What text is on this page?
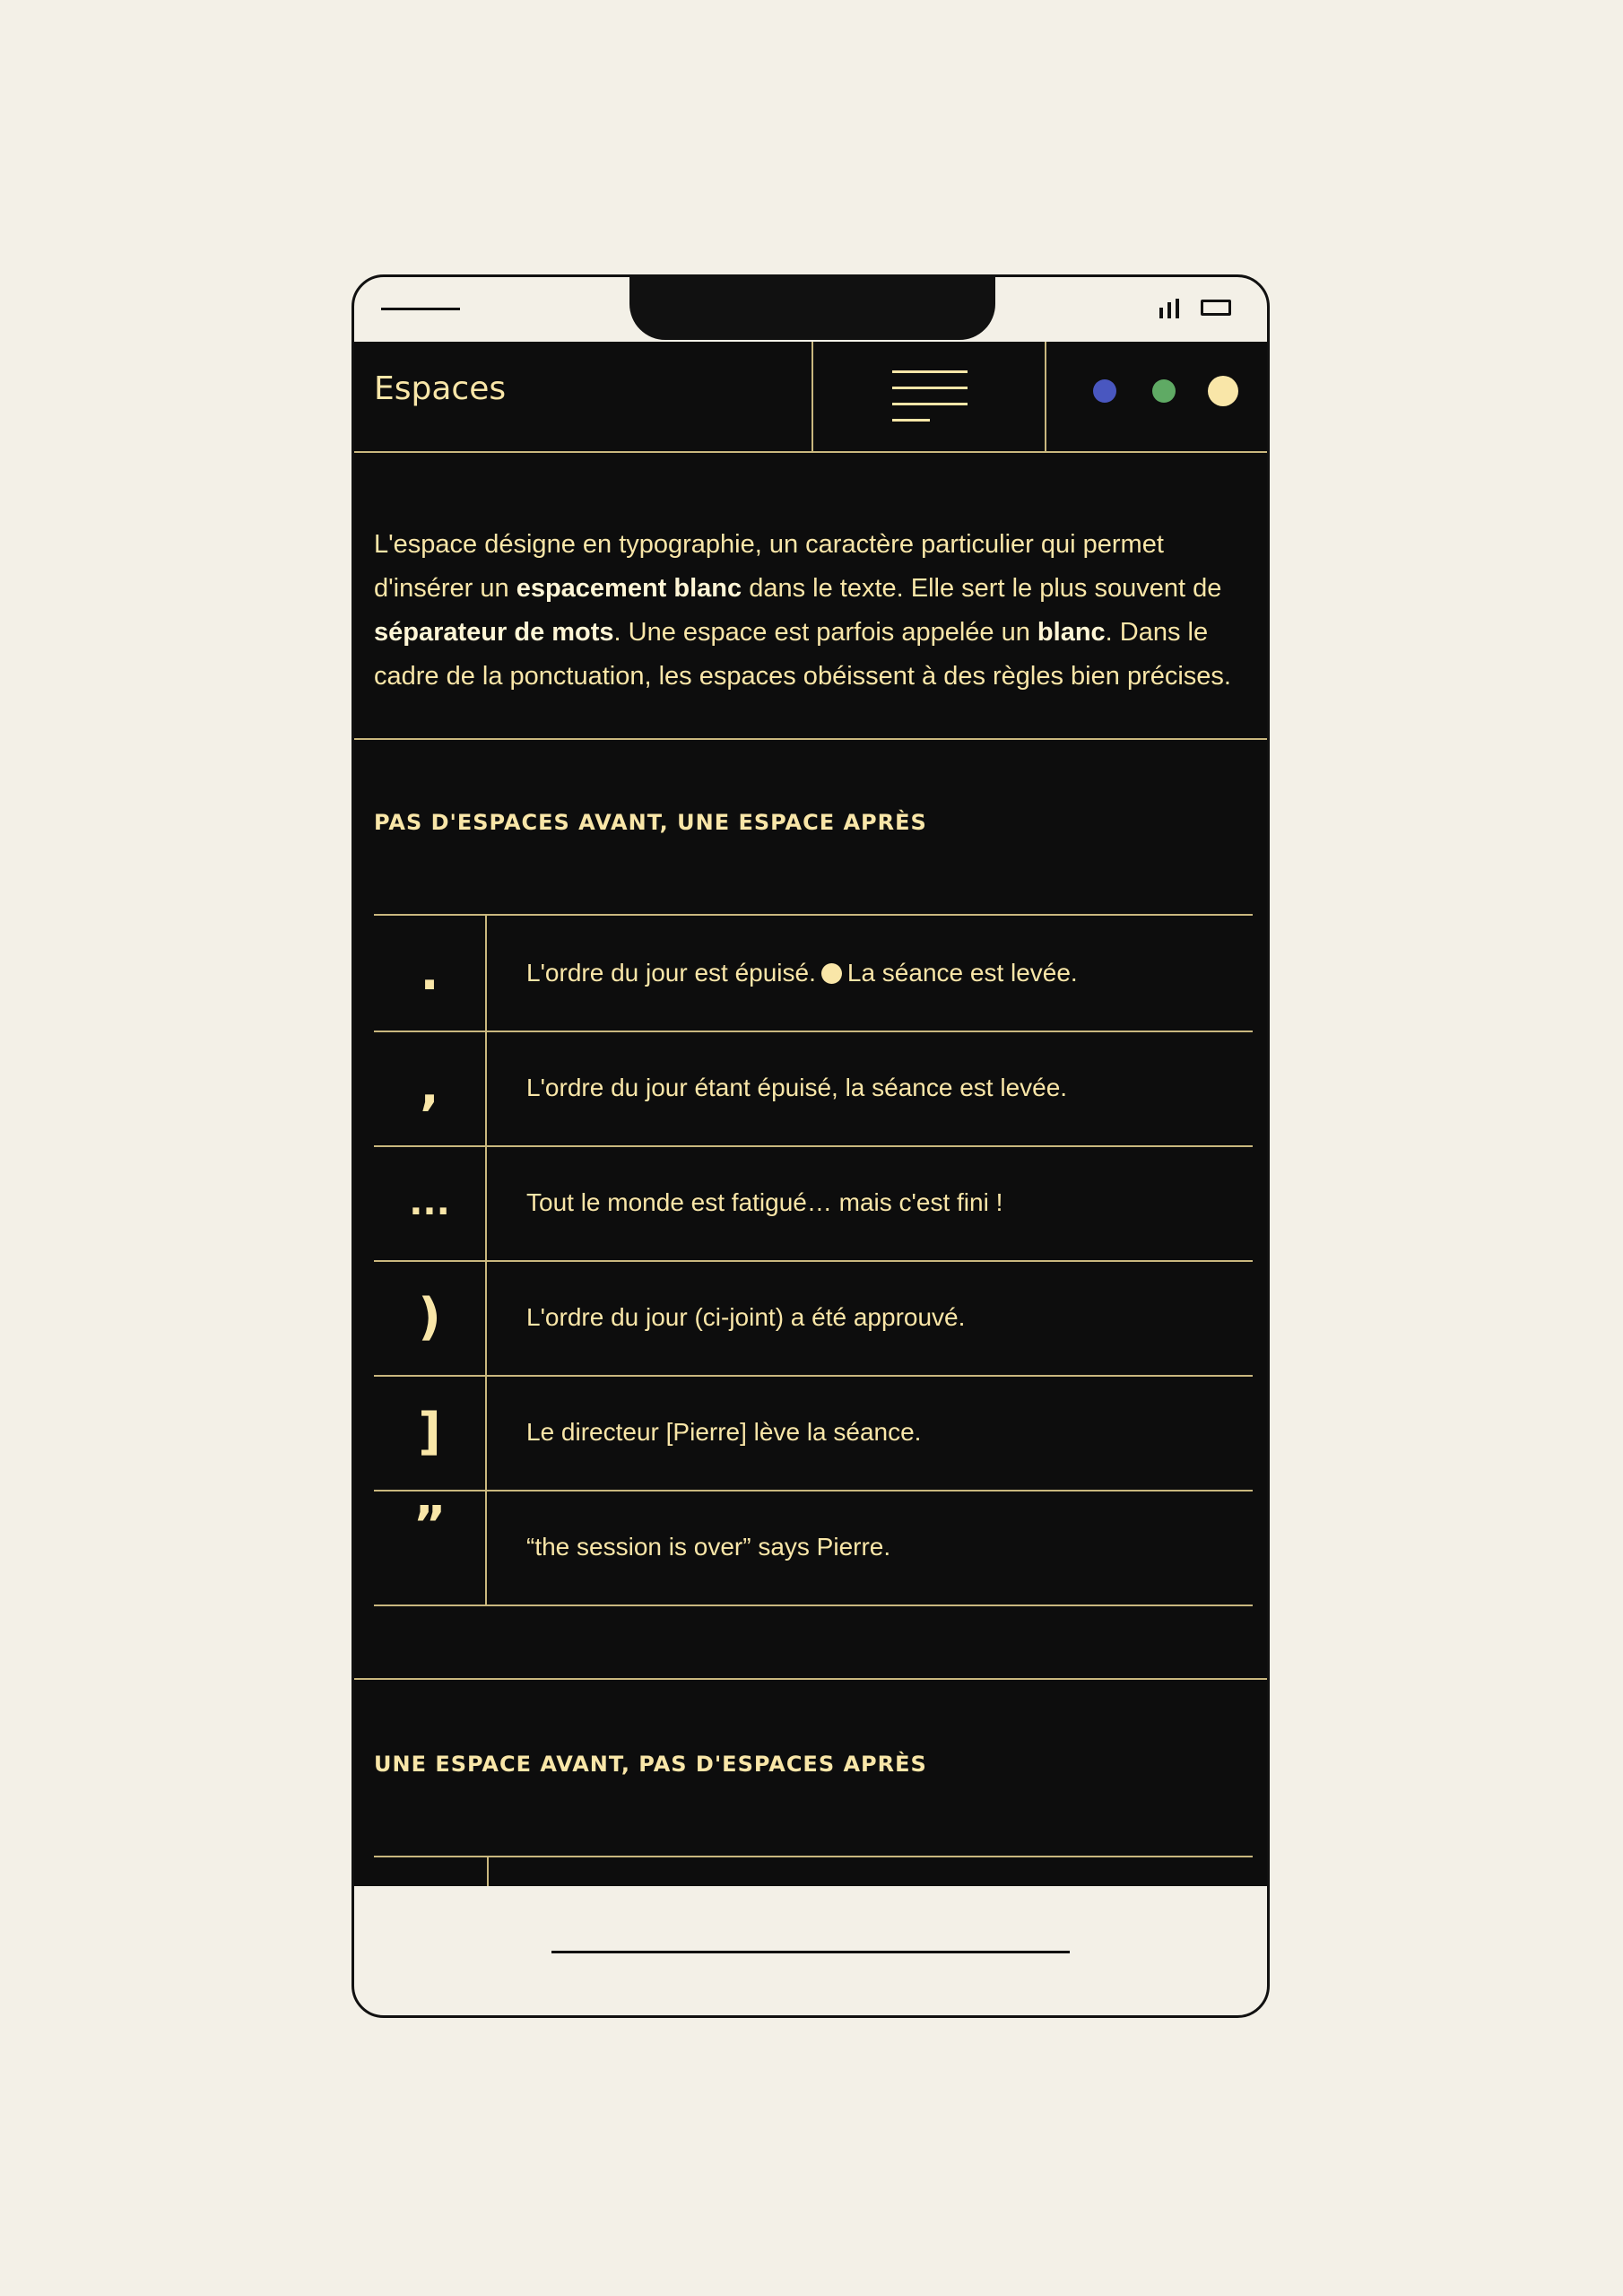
Espaces

L'espace désigne en typographie, un caractère particulier qui permet d'insérer un espacement blanc dans le texte. Elle sert le plus souvent de séparateur de mots. Une espace est parfois appelée un blanc. Dans le cadre de la ponctuation, les espaces obéissent à des règles bien précises.

PAS D'ESPACES AVANT, UNE ESPACE APRÈS
.	L'ordre du jour est épuisé. La séance est levée.
,	L'ordre du jour étant épuisé, la séance est levée.
...	Tout le monde est fatigué… mais c'est fini !
)	L'ordre du jour (ci-joint) a été approuvé.
]	Le directeur [Pierre] lève la séance.
”	“the session is over” says Pierre.
UNE ESPACE AVANT, PAS D'ESPACES APRÈS
